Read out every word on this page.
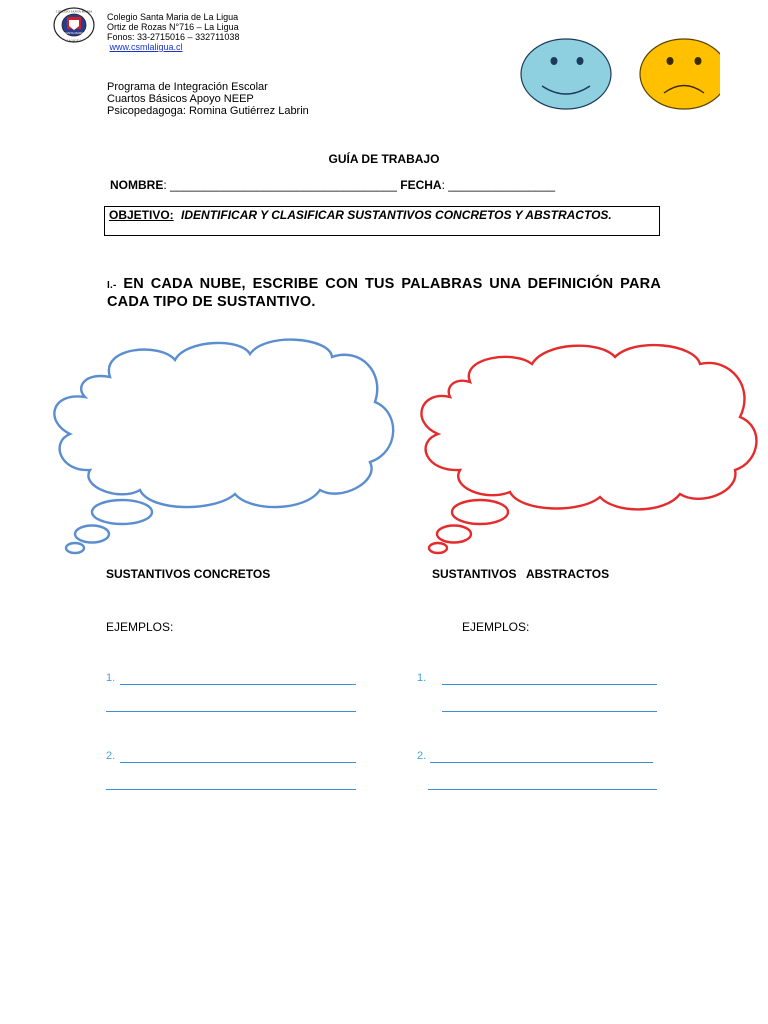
SANTA MARIA
COLEGIO SANTA MARIA
LA LIGUA
Colegio Santa Maria de La Ligua
Ortiz de Rozas N°716 – La Ligua
Fonos: 33-2715016 – 332711038
www.csmlaligua.cl
Programa de Integración Escolar
Cuartos Básicos Apoyo NEEP
Psicopedagoga: Romina Gutiérrez Labrin
GUÍA DE TRABAJO
NOMBRE: __________________________________ FECHA: ________________
OBJETIVO: IDENTIFICAR Y CLASIFICAR SUSTANTIVOS CONCRETOS Y ABSTRACTOS.
I.- EN CADA NUBE, ESCRIBE CON TUS PALABRAS UNA DEFINICIÓN PARA CADA TIPO DE SUSTANTIVO.
SUSTANTIVOS CONCRETOS	SUSTANTIVOS   ABSTRACTOS
EJEMPLOS:	EJEMPLOS:
1.
2.
1.
2.
